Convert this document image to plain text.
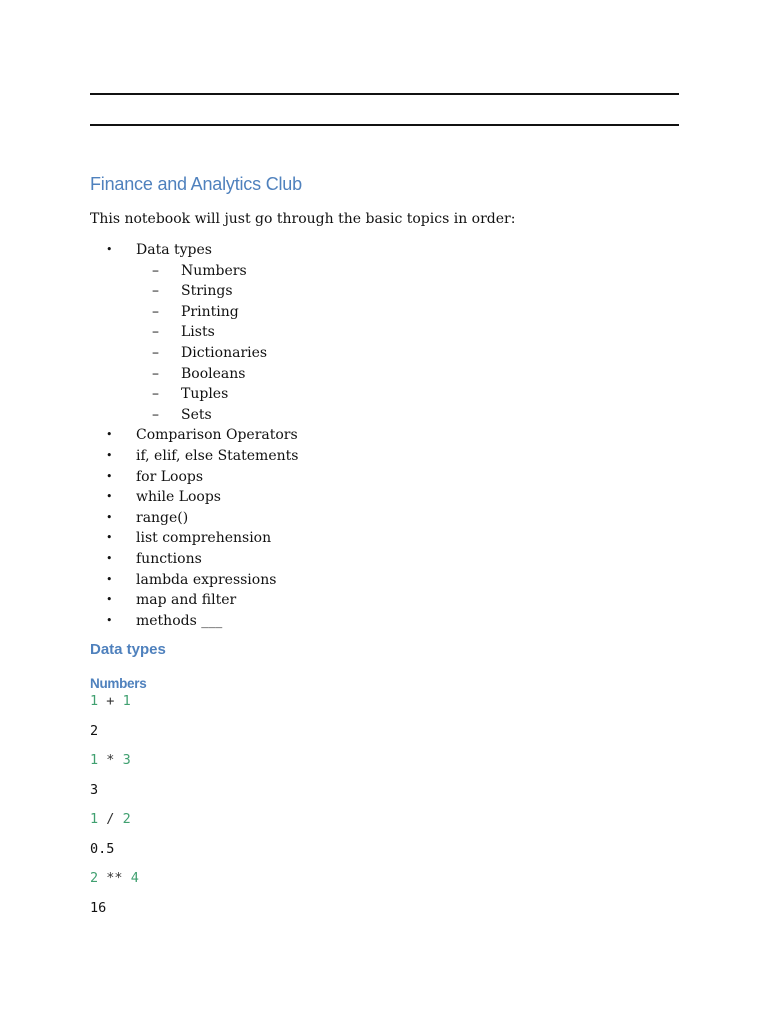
Finance and Analytics Club

This notebook will just go through the basic topics in order:

• Data types
– Numbers
– Strings
– Printing
– Lists
– Dictionaries
– Booleans
– Tuples
– Sets
• Comparison Operators
• if, elif, else Statements
• for Loops
• while Loops
• range()
• list comprehension
• functions
• lambda expressions
• map and filter
• methods ___
Data types
Numbers
1 + 1
2
1 * 3
3
1 / 2
0.5
2 ** 4
16
